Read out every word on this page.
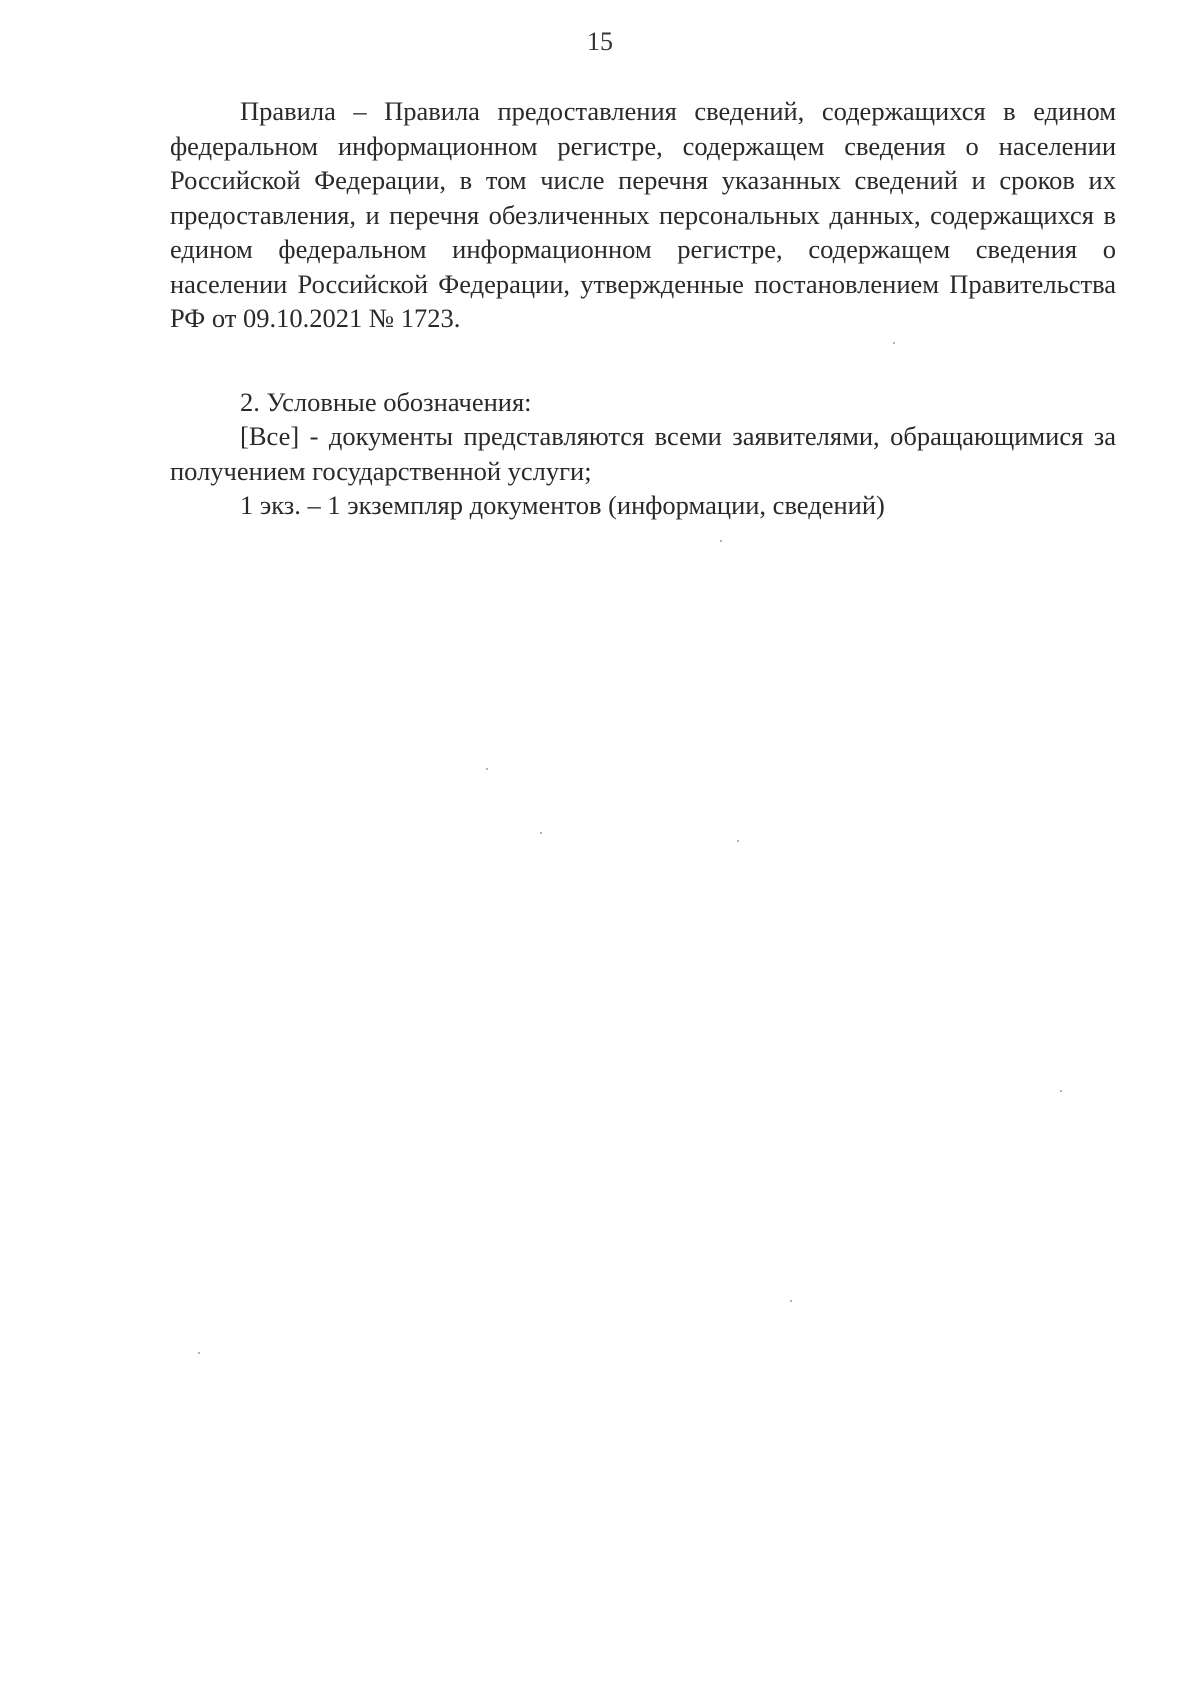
15

Правила – Правила предоставления сведений, содержащихся в едином федеральном информационном регистре, содержащем сведения о населении Российской Федерации, в том числе перечня указанных сведений и сроков их предоставления, и перечня обезличенных персональных данных, содержащихся в едином федеральном информационном регистре, содержащем сведения о населении Российской Федерации, утвержденные постановлением Правительства РФ от 09.10.2021 № 1723.

2. Условные обозначения:

[Все] - документы представляются всеми заявителями, обращающимися за получением государственной услуги;

1 экз. – 1 экземпляр документов (информации, сведений)
